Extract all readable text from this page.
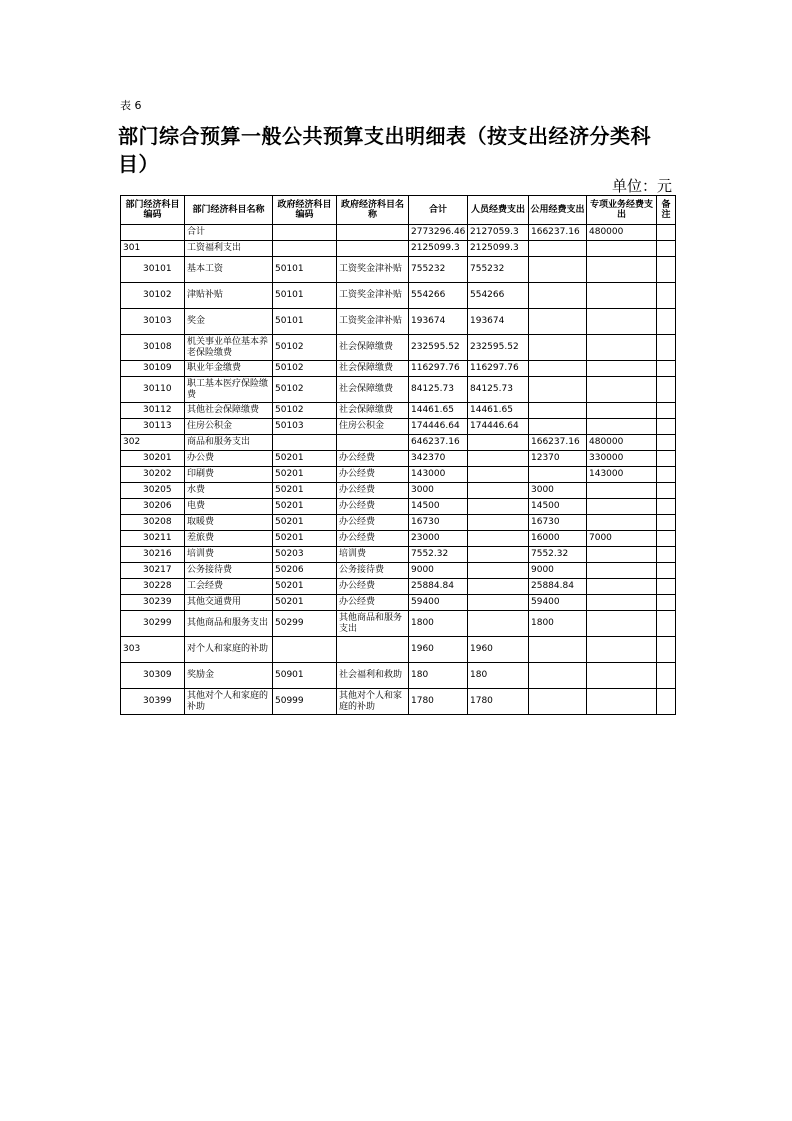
表 6
部门综合预算一般公共预算支出明细表（按支出经济分类科目）
单位：元
部门经济科目编码	部门经济科目名称	政府经济科目编码	政府经济科目名称	合计	人员经费支出	公用经费支出	专项业务经费支出	备注
	合计			2773296.46	2127059.3	166237.16	480000	
301	工资福利支出			2125099.3	2125099.3			
30101	基本工资	50101	工资奖金津补贴	755232	755232			
30102	津贴补贴	50101	工资奖金津补贴	554266	554266			
30103	奖金	50101	工资奖金津补贴	193674	193674			
30108	机关事业单位基本养老保险缴费	50102	社会保障缴费	232595.52	232595.52			
30109	职业年金缴费	50102	社会保障缴费	116297.76	116297.76			
30110	职工基本医疗保险缴费	50102	社会保障缴费	84125.73	84125.73			
30112	其他社会保障缴费	50102	社会保障缴费	14461.65	14461.65			
30113	住房公积金	50103	住房公积金	174446.64	174446.64			
302	商品和服务支出			646237.16		166237.16	480000	
30201	办公费	50201	办公经费	342370		12370	330000	
30202	印刷费	50201	办公经费	143000			143000	
30205	水费	50201	办公经费	3000		3000		
30206	电费	50201	办公经费	14500		14500		
30208	取暖费	50201	办公经费	16730		16730		
30211	差旅费	50201	办公经费	23000		16000	7000	
30216	培训费	50203	培训费	7552.32		7552.32		
30217	公务接待费	50206	公务接待费	9000		9000		
30228	工会经费	50201	办公经费	25884.84		25884.84		
30239	其他交通费用	50201	办公经费	59400		59400		
30299	其他商品和服务支出	50299	其他商品和服务支出	1800		1800		
303	对个人和家庭的补助			1960	1960			
30309	奖励金	50901	社会福利和救助	180	180			
30399	其他对个人和家庭的补助	50999	其他对个人和家庭的补助	1780	1780			
